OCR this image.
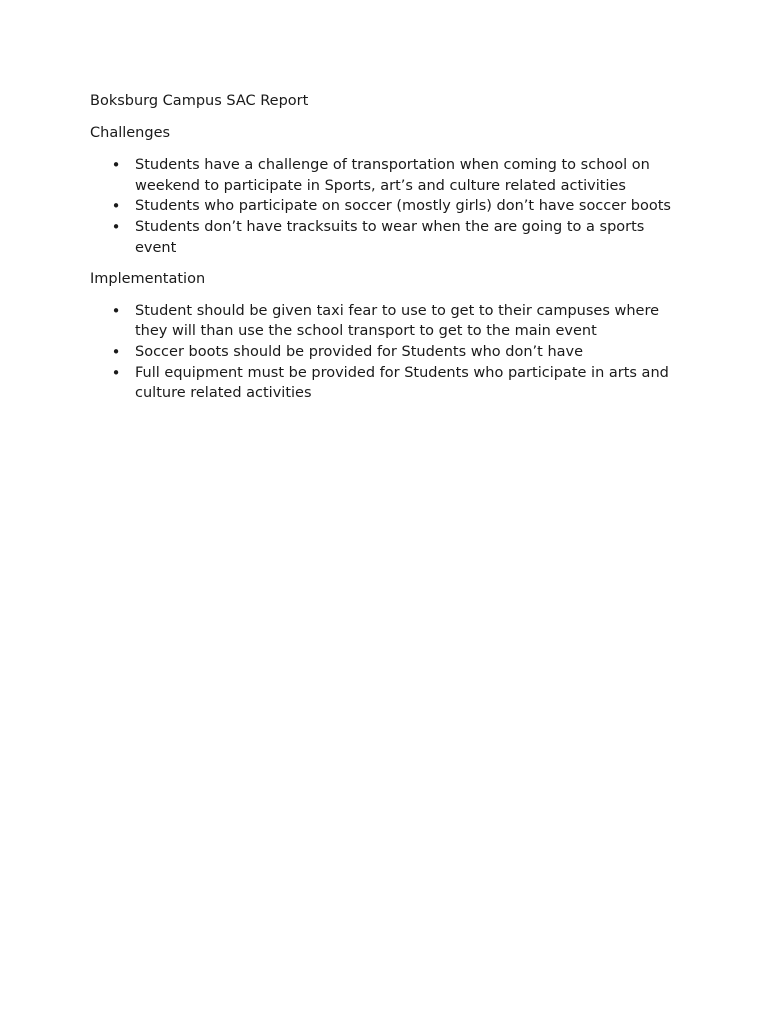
Boksburg Campus SAC Report

Challenges

• Students have a challenge of transportation when coming to school on weekend to participate in Sports, art’s and culture related activities
• Students who participate on soccer (mostly girls) don’t have soccer boots
• Students don’t have tracksuits to wear when the are going to a sports event

Implementation

• Student should be given taxi fear to use to get to their campuses where they will than use the school transport to get to the main event
• Soccer boots should be provided for Students who don’t have
• Full equipment must be provided for Students who participate in arts and culture related activities
